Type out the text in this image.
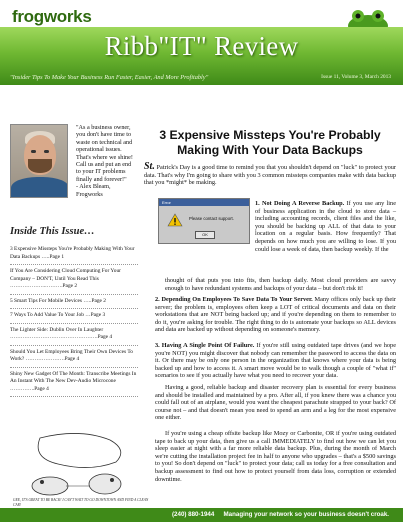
frogworks
Ribb"IT" Review
"Insider Tips To Make Your Business Run Faster, Easier, And More Profitably"	Issue 11, Volume 3, March 2013
"As a business owner, you don't have time to waste on technical and operational issues. That's where we shine! Call us and put an end to your IT problems finally and forever!"
- Alex Bleam, Frogworks
Inside This Issue…
3 Expensive Missteps You're Probably Making With Your Data Backups …..Page 1
If You Are Considering Cloud Computing For Your Company – DON'T, Until You Read This ………………..……….Page 2
5 Smart Tips For Mobile Devices …..Page 2
7 Ways To Add Value To Your Job …Page 3
The Lighter Side: Dublin Over In Laughter ………………………………………….Page 4
Should You Let Employees Bring Their Own Devices To Work? ………………….Page 4
Shiny New Gadget Of The Month: Transcribe Meetings In An Instant With The New Dev-Audio Microcone …………..Page 4
GEE, IT'S GREAT TO BE BACK! I CAN'T WAIT TO GO DOWNTOWN AND FIND A CLEAN CAR!
3 Expensive Missteps You're Probably Making With Your Data Backups
St. Patrick's Day is a good time to remind you that you shouldn't depend on "luck" to protect your data. That's why I'm going to share with you 3 common missteps companies make with data backup that you *might* be making.
Error
Please contact support.
OK
1. Not Doing A Reverse Backup. If you use any line of business application in the cloud to store data – including accounting records, client files and the like, you should be backing up ALL of that data to your location on a regular basis. How frequently? That depends on how much you are willing to lose. If you could lose a week of data, then backup weekly. If the
thought of that puts you into fits, then backup daily. Most cloud providers are savvy enough to have redundant systems and backups of your data – but don't risk it!
2. Depending On Employees To Save Data To Your Server. Many offices only back up their server; the problem is, employees often keep a LOT of critical documents and data on their workstations that are NOT being backed up; and if you're depending on them to remember to do it, you're asking for trouble. The right thing to do is automate your backups so ALL devices and data are backed up without depending on someone's memory.
3. Having A Single Point Of Failure. If you're still using outdated tape drives (and we hope you're NOT) you might discover that nobody can remember the password to access the data on it. Or there may be only one person in the organization that knows where your data is being backed up and how to access it. A smart move would be to walk though a couple of "what if" scenarios to see if you actually have what you need to recover your data.
Having a good, reliable backup and disaster recovery plan is essential for every business and should be installed and maintained by a pro. After all, if you knew there was a chance you could fall out of an airplane, would you want the cheapest parachute strapped to your back? Of course not – and that doesn't mean you need to spend an arm and a leg for the most expensive one either.
If you're using a cheap offsite backup like Mozy or Carbonite, OR if you're using outdated tape to back up your data, then give us a call IMMEDIATELY to find out how we can let you sleep easier at night with a far more reliable data backup. Plus, during the month of March we're cutting the installation project fee in half to anyone who upgrades – that's a $500 savings to you! So don't depend on "luck" to protect your data; call us today for a free consultation and backup assessment to find out how to protect yourself from data loss, corruption or extended downtime.
(240) 880-1944 Managing your network so your business doesn't croak.
